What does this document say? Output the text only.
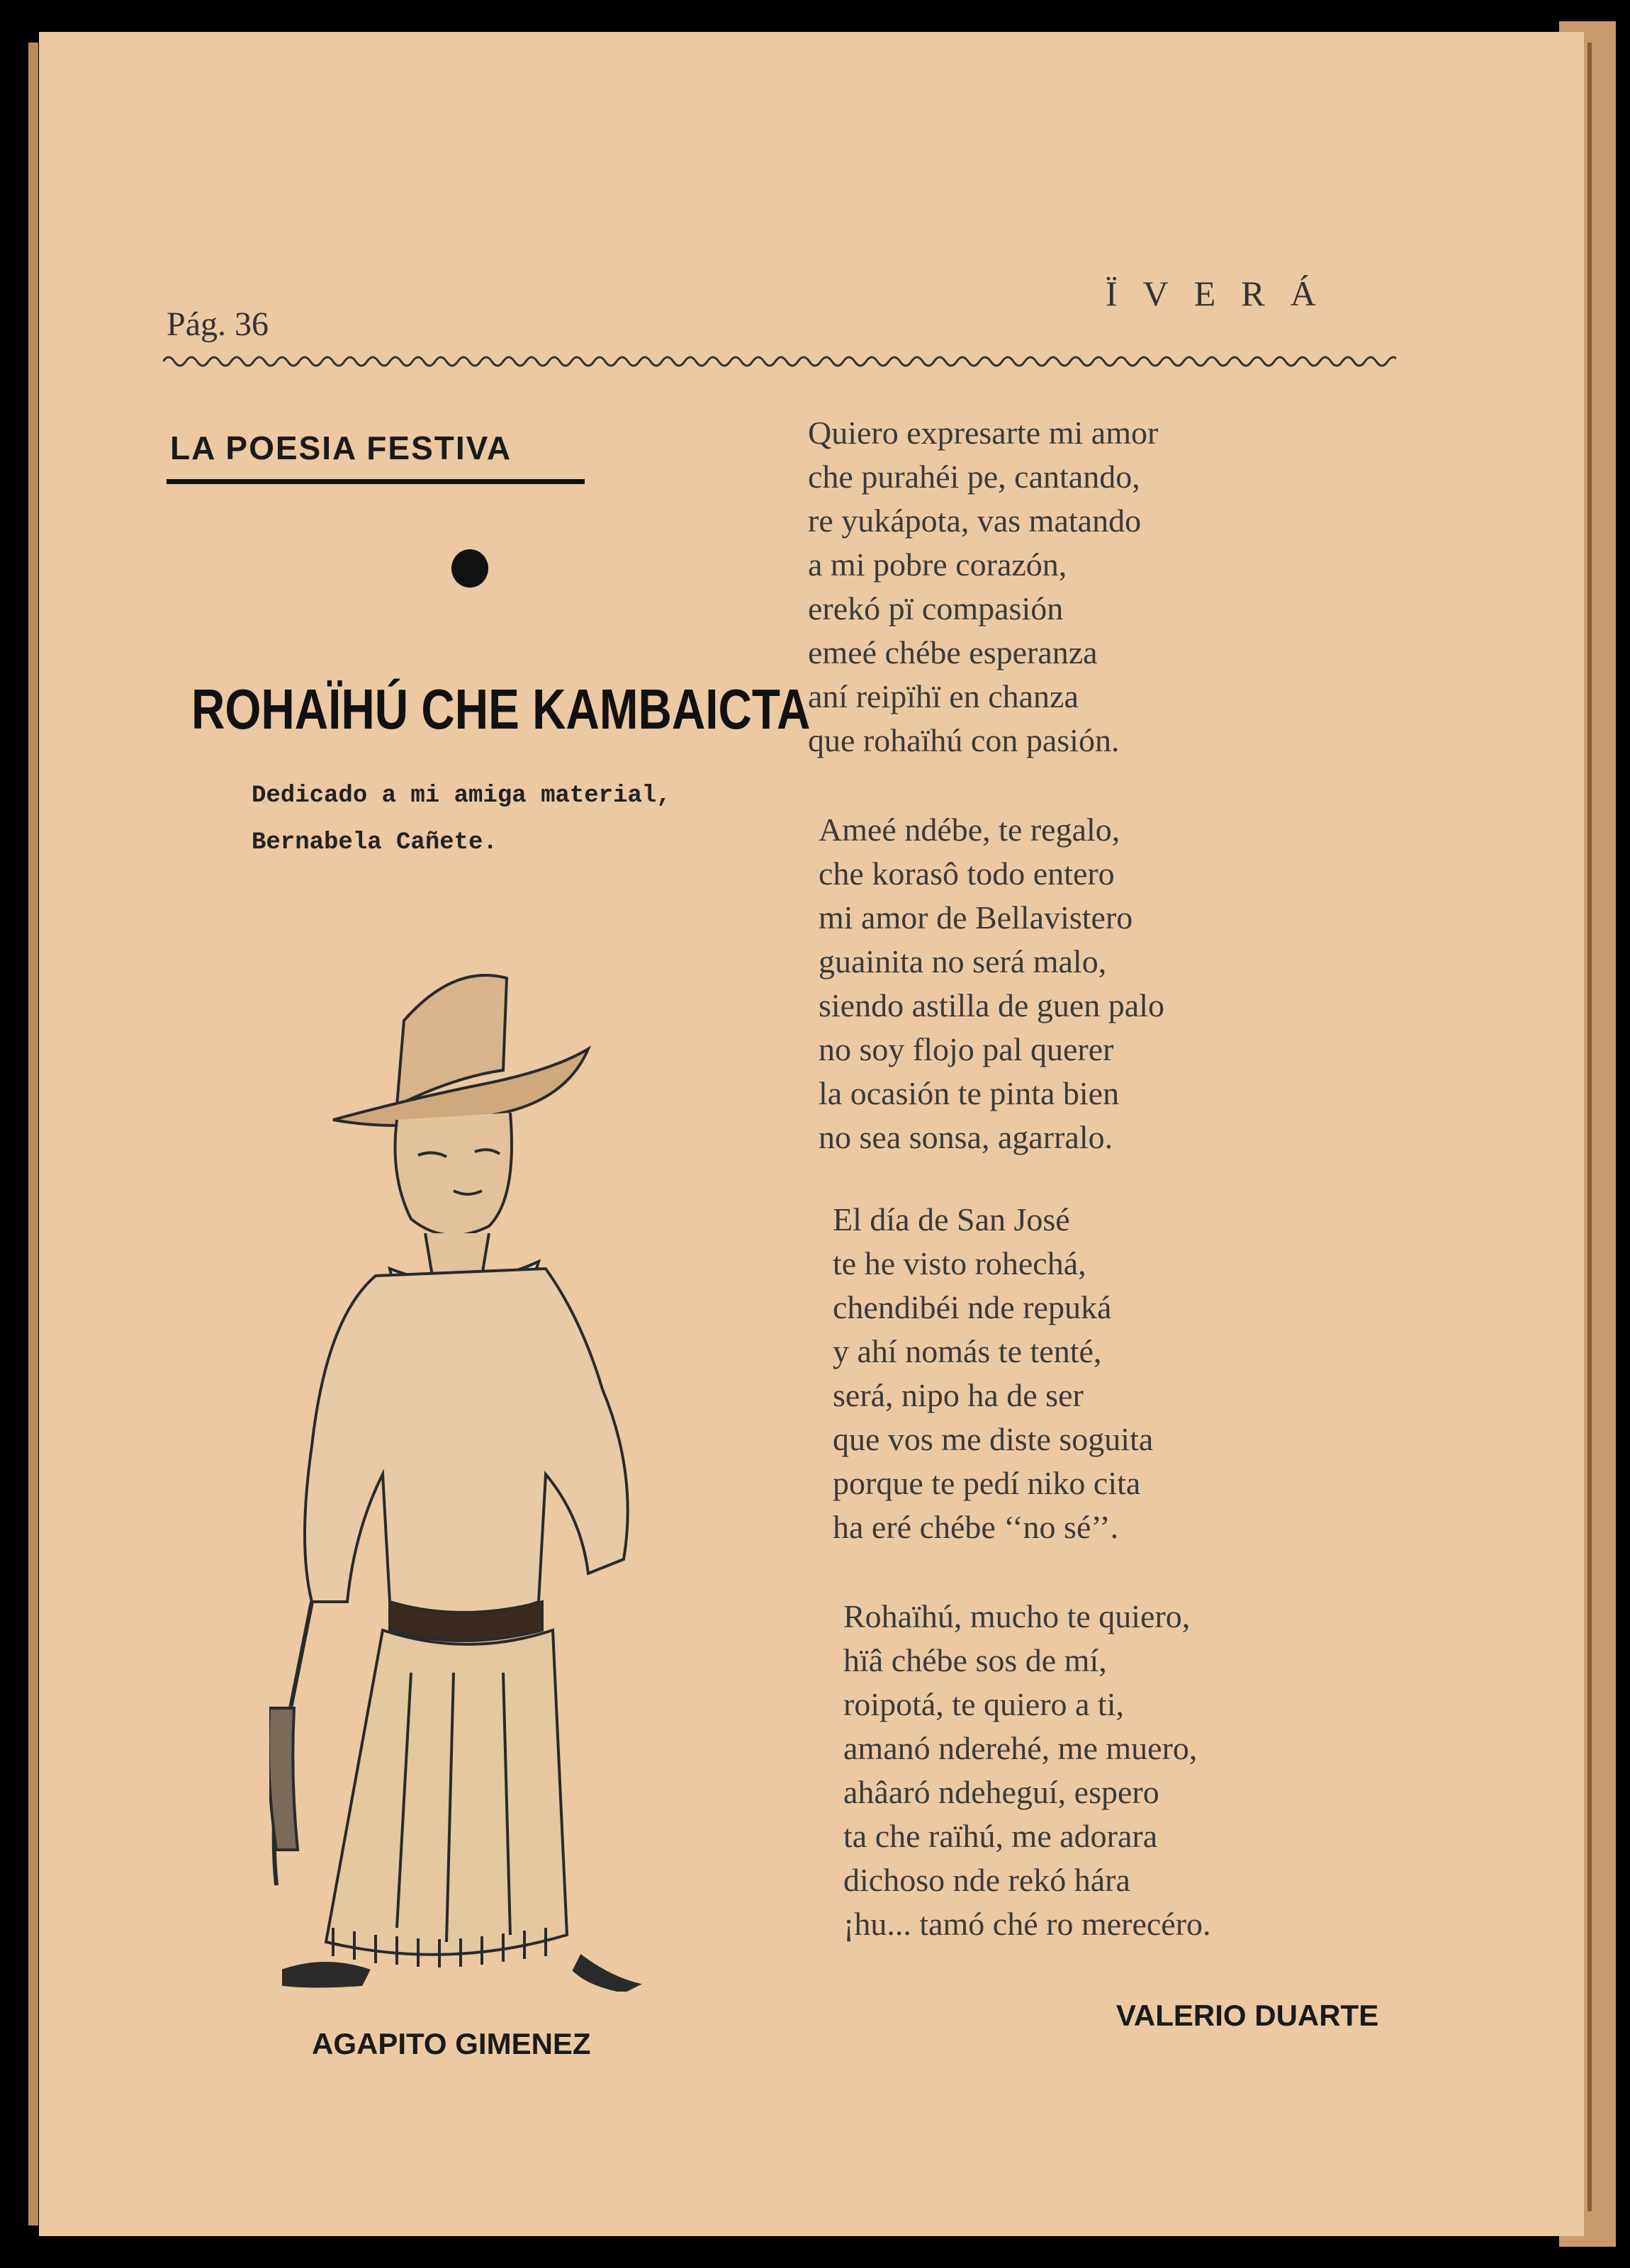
Pág. 36
ÏVERÁ
LA POESIA FESTIVA
ROHAÏHÚ CHE KAMBAICTA
Dedicado a mi amiga material,
Bernabela Cañete.
Quiero expresarte mi amor
che purahéi pe, cantando,
re yukápota, vas matando
a mi pobre corazón,
erekó pï compasión
emeé chébe esperanza
aní reipïhï en chanza
que rohaïhú con pasión.
Ameé ndébe, te regalo,
che korasô todo entero
mi amor de Bellavistero
guainita no será malo,
siendo astilla de guen palo
no soy flojo pal querer
la ocasión te pinta bien
no sea sonsa, agarralo.
El día de San José
te he visto rohechá,
chendibéi nde repuká
y ahí nomás te tenté,
será, nipo ha de ser
que vos me diste soguita
porque te pedí niko cita
ha eré chébe ‘‘no sé’’.
Rohaïhú, mucho te quiero,
hïâ chébe sos de mí,
roipotá, te quiero a ti,
amanó nderehé, me muero,
ahâaró ndeheguí, espero
ta che raïhú, me adorara
dichoso nde rekó hára
¡hu... tamó ché ro merecéro.
AGAPITO GIMENEZ
VALERIO DUARTE
